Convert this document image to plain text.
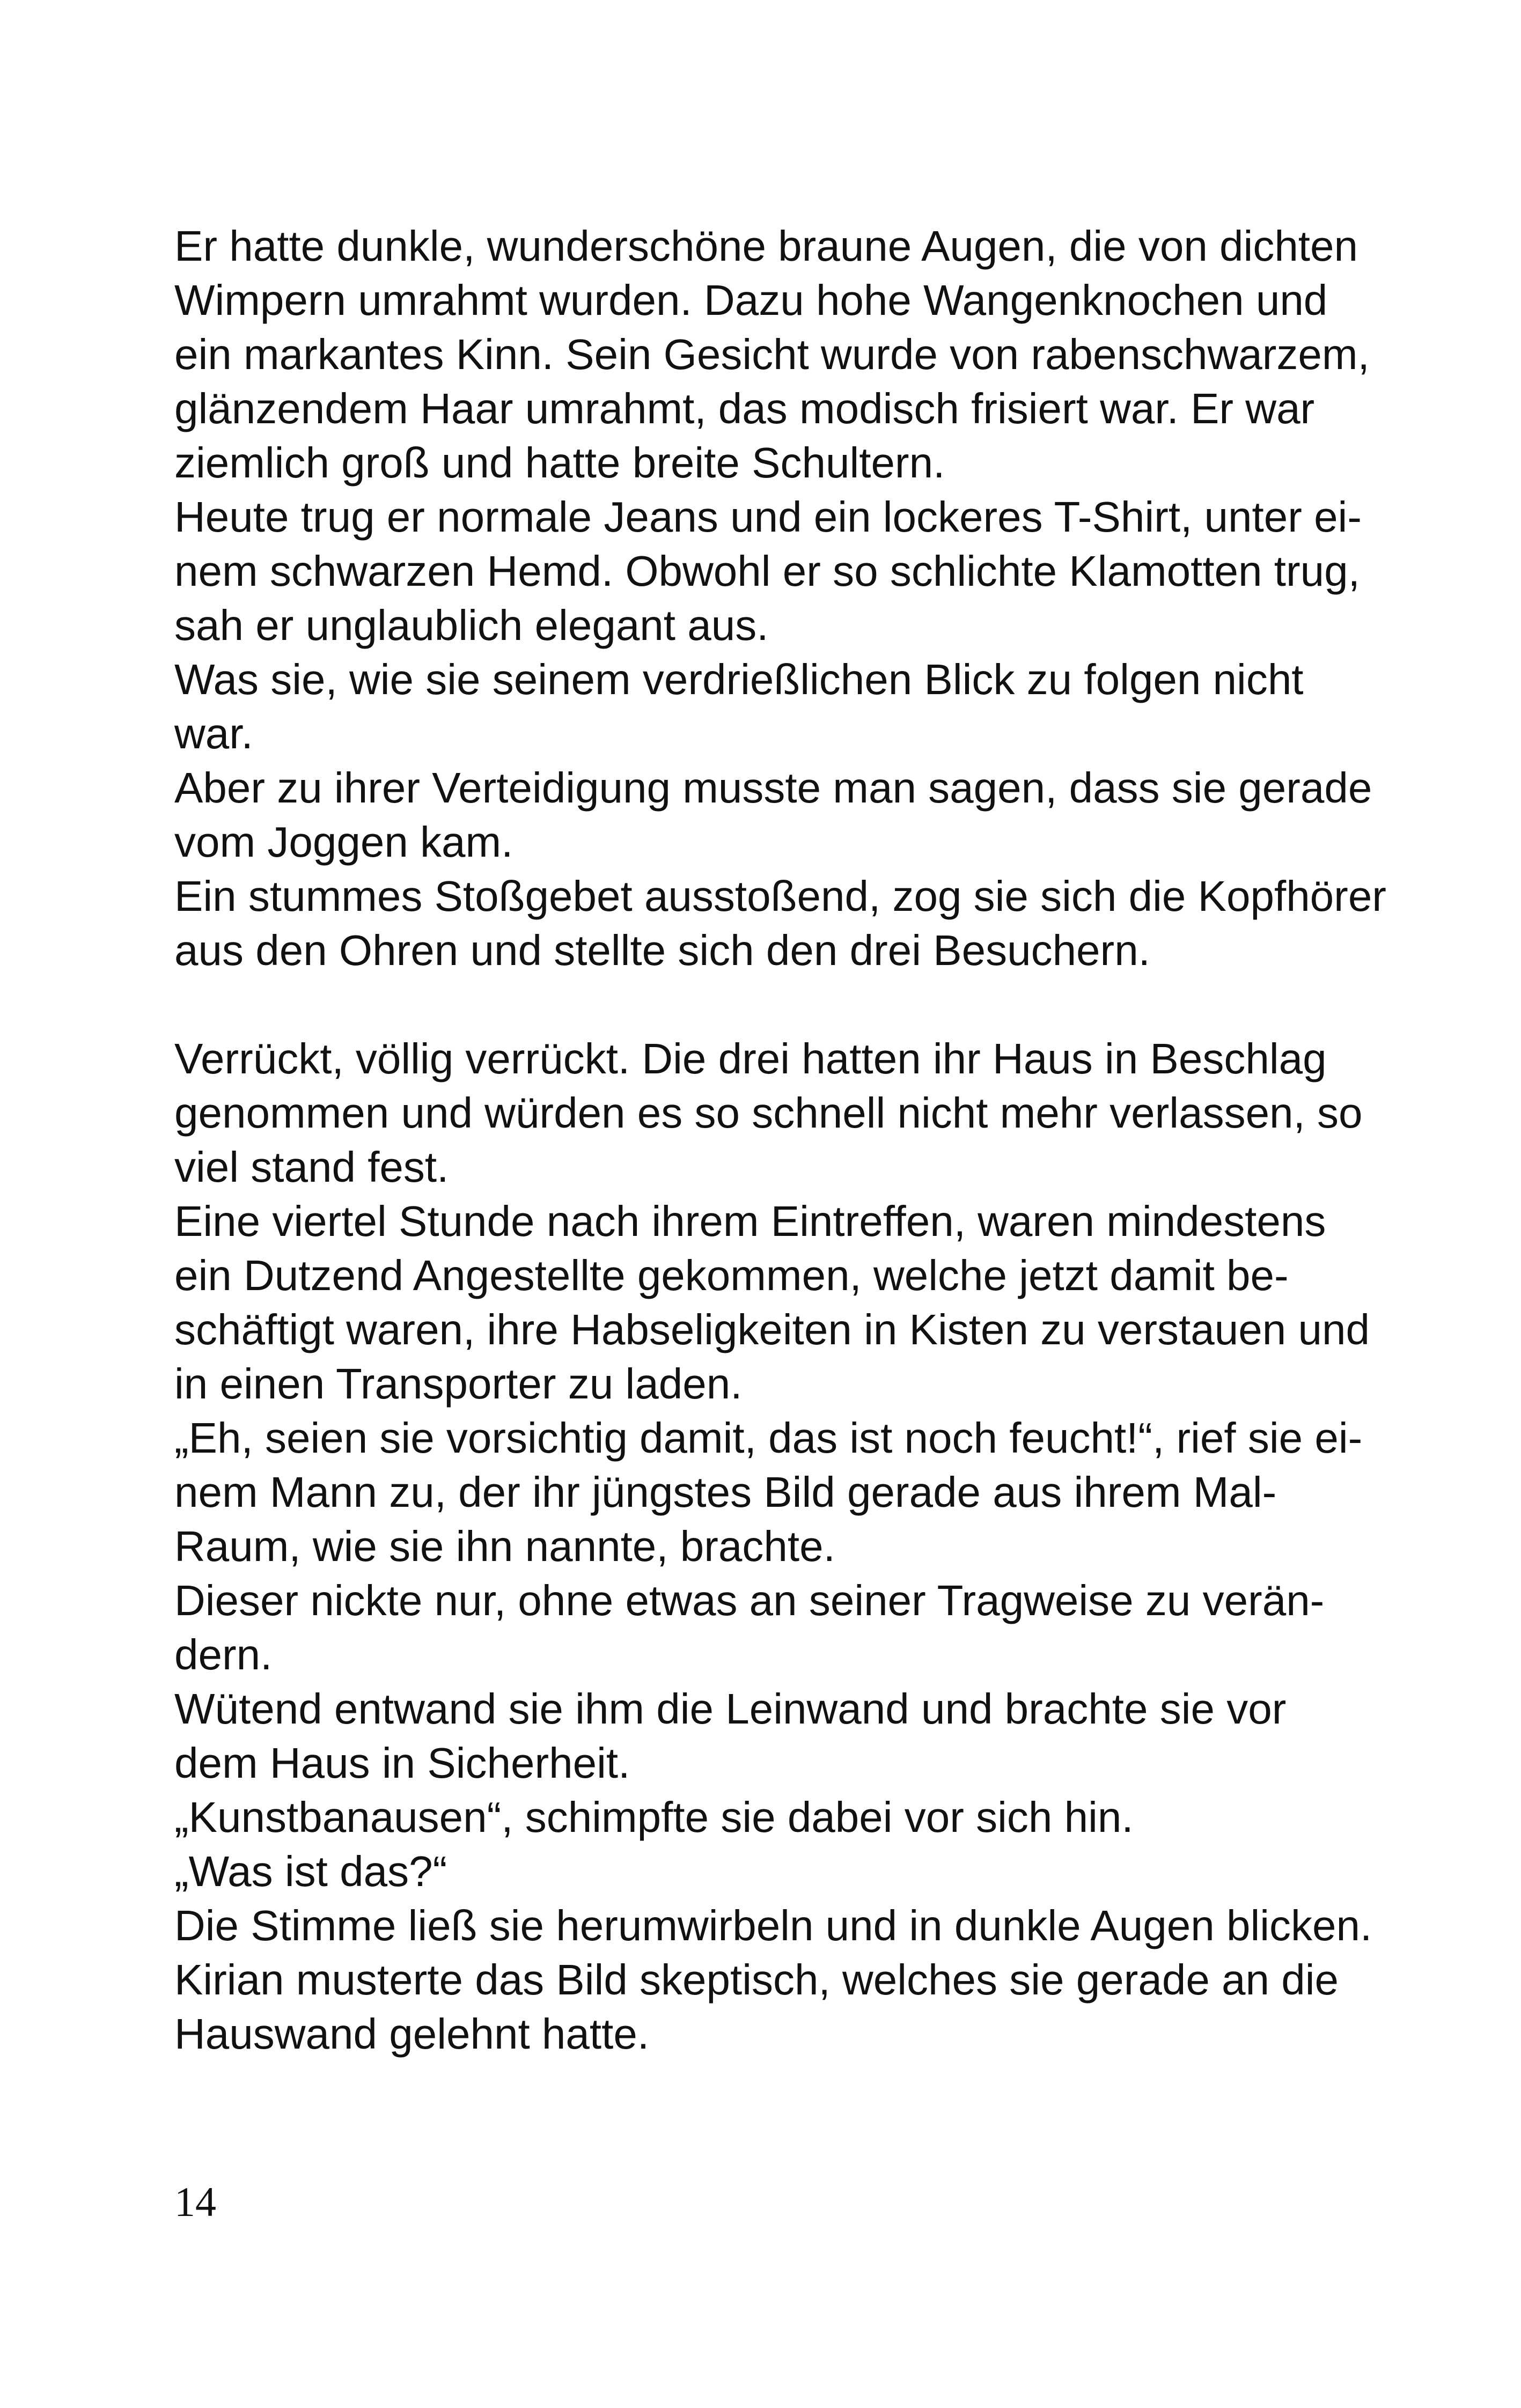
Er hatte dunkle, wunderschöne braune Augen, die von dichten
Wimpern umrahmt wurden. Dazu hohe Wangenknochen und
ein markantes Kinn. Sein Gesicht wurde von rabenschwarzem,
glänzendem Haar umrahmt, das modisch frisiert war. Er war
ziemlich groß und hatte breite Schultern.
Heute trug er normale Jeans und ein lockeres T-Shirt, unter ei-
nem schwarzen Hemd. Obwohl er so schlichte Klamotten trug,
sah er unglaublich elegant aus.
Was sie, wie sie seinem verdrießlichen Blick zu folgen nicht
war.
Aber zu ihrer Verteidigung musste man sagen, dass sie gerade
vom Joggen kam.
Ein stummes Stoßgebet ausstoßend, zog sie sich die Kopfhörer
aus den Ohren und stellte sich den drei Besuchern.
Verrückt, völlig verrückt. Die drei hatten ihr Haus in Beschlag
genommen und würden es so schnell nicht mehr verlassen, so
viel stand fest.
Eine viertel Stunde nach ihrem Eintreffen, waren mindestens
ein Dutzend Angestellte gekommen, welche jetzt damit be-
schäftigt waren, ihre Habseligkeiten in Kisten zu verstauen und
in einen Transporter zu laden.
„Eh, seien sie vorsichtig damit, das ist noch feucht!“, rief sie ei-
nem Mann zu, der ihr jüngstes Bild gerade aus ihrem Mal-
Raum, wie sie ihn nannte, brachte.
Dieser nickte nur, ohne etwas an seiner Tragweise zu verän-
dern.
Wütend entwand sie ihm die Leinwand und brachte sie vor
dem Haus in Sicherheit.
„Kunstbanausen“, schimpfte sie dabei vor sich hin.
„Was ist das?“
Die Stimme ließ sie herumwirbeln und in dunkle Augen blicken.
Kirian musterte das Bild skeptisch, welches sie gerade an die
Hauswand gelehnt hatte.
14
